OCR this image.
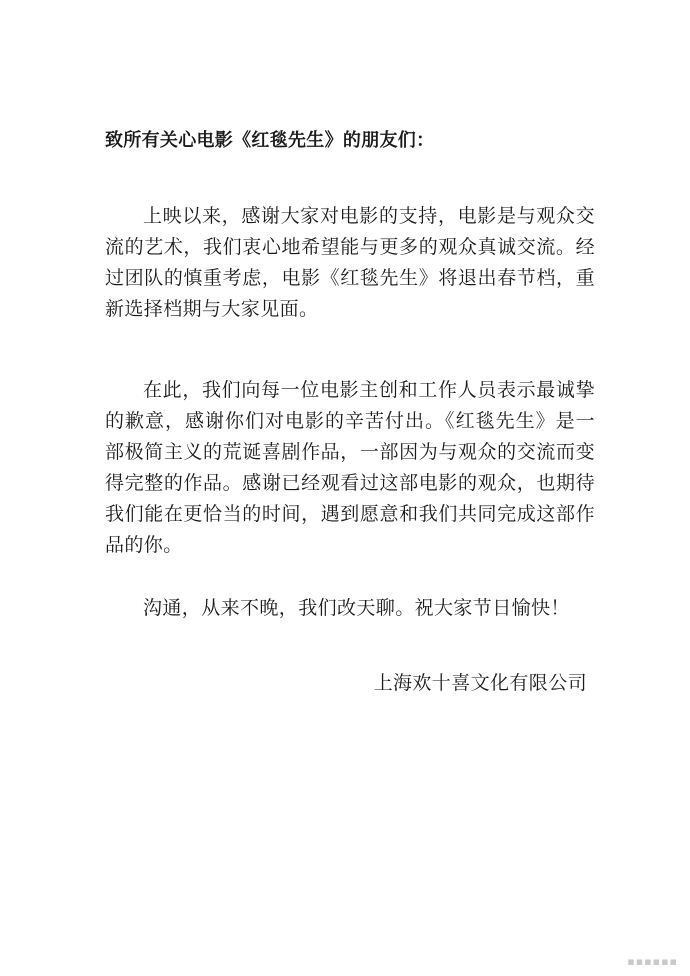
致所有关心电影《红毯先生》的朋友们：

上映以来，感谢大家对电影的支持，电影是与观众交流的艺术，我们衷心地希望能与更多的观众真诚交流。经过团队的慎重考虑，电影《红毯先生》将退出春节档，重新选择档期与大家见面。

在此，我们向每一位电影主创和工作人员表示最诚挚的歉意，感谢你们对电影的辛苦付出。《红毯先生》是一部极简主义的荒诞喜剧作品，一部因为与观众的交流而变得完整的作品。感谢已经观看过这部电影的观众，也期待我们能在更恰当的时间，遇到愿意和我们共同完成这部作品的你。

沟通，从来不晚，我们改天聊。祝大家节日愉快！

上海欢十喜文化有限公司
▪▪▪▪▪▪
